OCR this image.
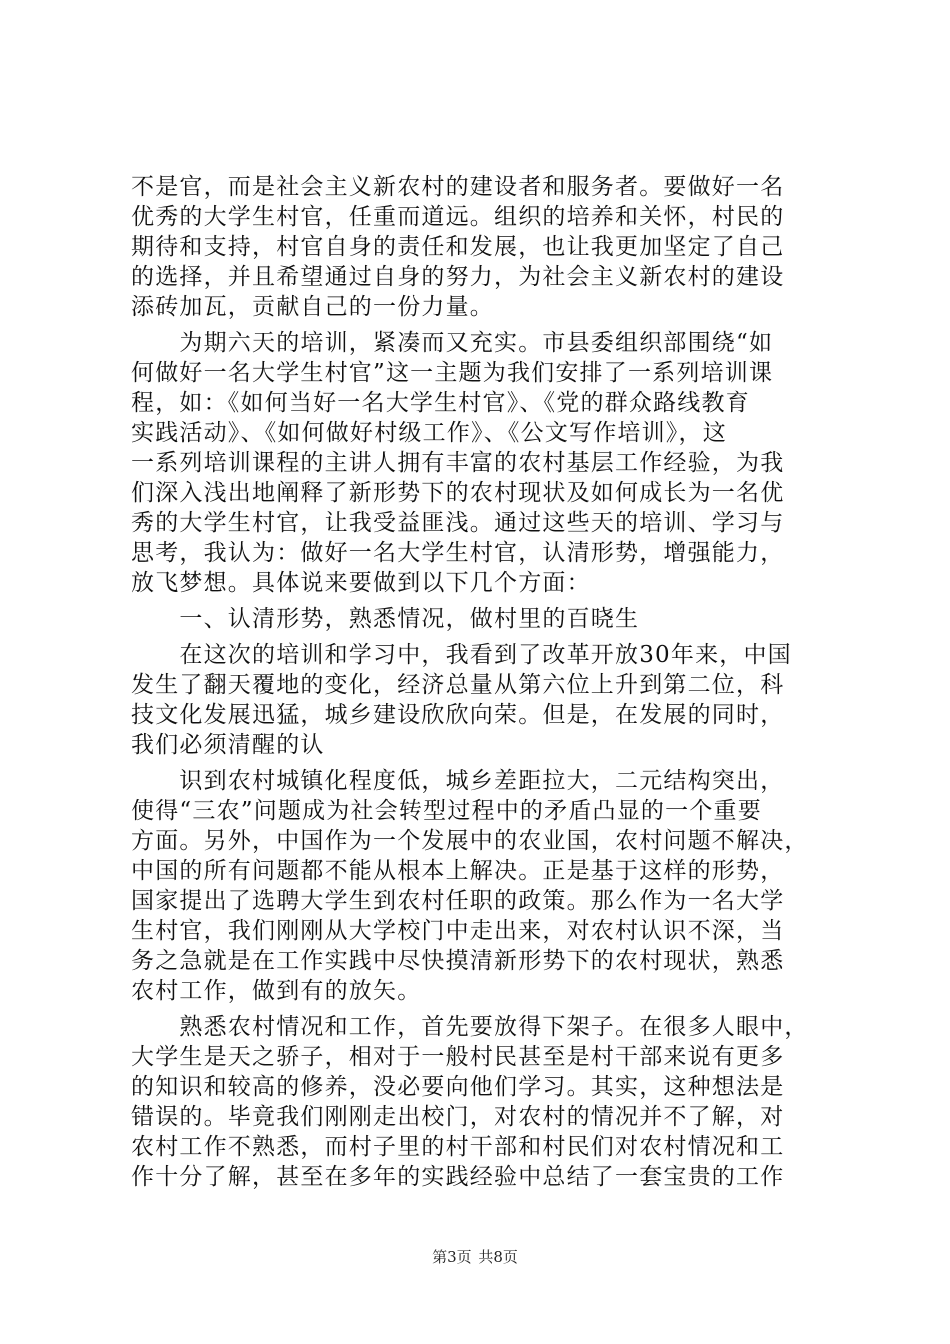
不是官，而是社会主义新农村的建设者和服务者。要做好一名
优秀的大学生村官，任重而道远。组织的培养和关怀，村民的
期待和支持，村官自身的责任和发展，也让我更加坚定了自己
的选择，并且希望通过自身的努力，为社会主义新农村的建设
添砖加瓦，贡献自己的一份力量。
　　为期六天的培训，紧凑而又充实。市县委组织部围绕“如
何做好一名大学生村官”这一主题为我们安排了一系列培训课
程，如：《如何当好一名大学生村官》、《党的群众路线教育
实践活动》、《如何做好村级工作》、《公文写作培训》，这
一系列培训课程的主讲人拥有丰富的农村基层工作经验，为我
们深入浅出地阐释了新形势下的农村现状及如何成长为一名优
秀的大学生村官，让我受益匪浅。通过这些天的培训、学习与
思考，我认为：做好一名大学生村官，认清形势，增强能力，
放飞梦想。具体说来要做到以下几个方面：
　　一、认清形势，熟悉情况，做村里的百晓生
　　在这次的培训和学习中，我看到了改革开放30年来，中国
发生了翻天覆地的变化，经济总量从第六位上升到第二位，科
技文化发展迅猛，城乡建设欣欣向荣。但是，在发展的同时，
我们必须清醒的认
　　识到农村城镇化程度低，城乡差距拉大，二元结构突出，
使得“三农”问题成为社会转型过程中的矛盾凸显的一个重要
方面。另外，中国作为一个发展中的农业国，农村问题不解决，
中国的所有问题都不能从根本上解决。正是基于这样的形势，
国家提出了选聘大学生到农村任职的政策。那么作为一名大学
生村官，我们刚刚从大学校门中走出来，对农村认识不深，当
务之急就是在工作实践中尽快摸清新形势下的农村现状，熟悉
农村工作，做到有的放矢。
　　熟悉农村情况和工作，首先要放得下架子。在很多人眼中，
大学生是天之骄子，相对于一般村民甚至是村干部来说有更多
的知识和较高的修养，没必要向他们学习。其实，这种想法是
错误的。毕竟我们刚刚走出校门，对农村的情况并不了解，对
农村工作不熟悉，而村子里的村干部和村民们对农村情况和工
作十分了解，甚至在多年的实践经验中总结了一套宝贵的工作
第3页 共8页
